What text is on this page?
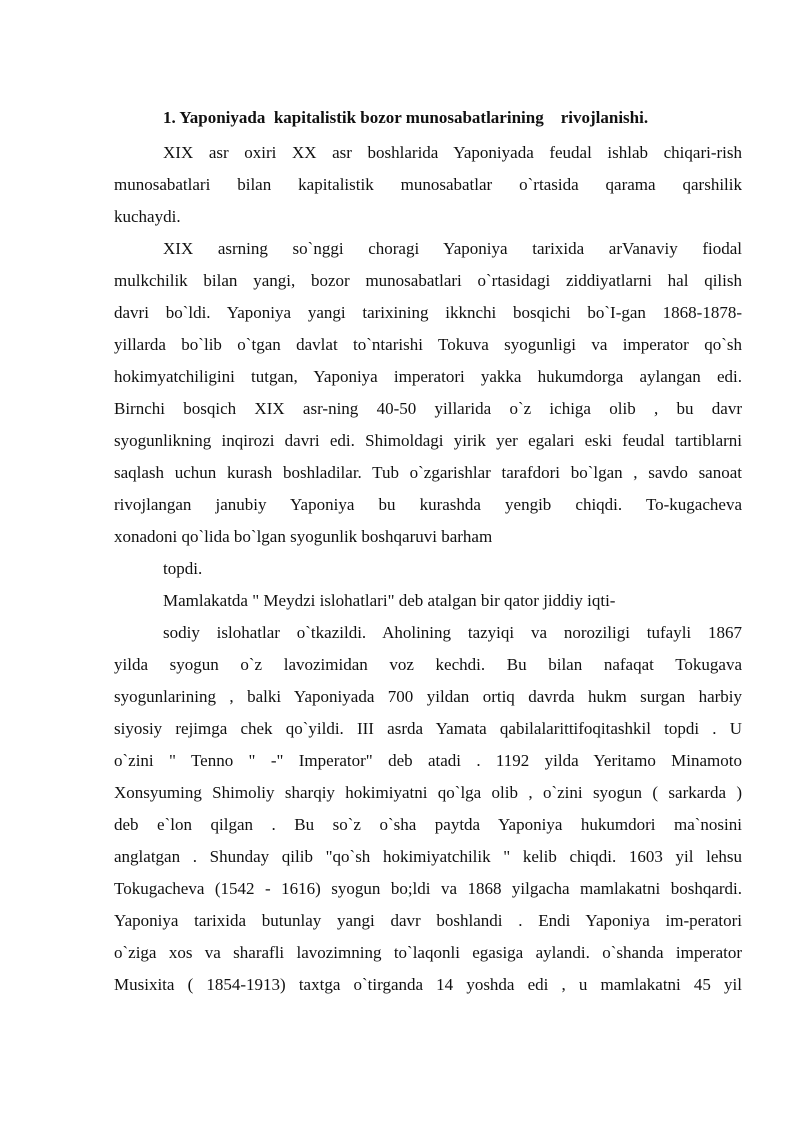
1. Yaponiyada  kapitalistik bozor munosabatlarining    rivojlanishi.
XIX asr oxiri XX asr boshlarida Yaponiyada feudal ishlab chiqari-rish
munosabatlari bilan kapitalistik munosabatlar o`rtasida qarama qarshilik
kuchaydi.
XIX asrning so`nggi choragi Yaponiya tarixida arVanaviy fiodal
mulkchilik bilan yangi, bozor munosabatlari o`rtasidagi ziddiyatlarni hal qilish
davri bo`ldi. Yaponiya yangi tarixining ikknchi bosqichi bo`I-gan 1868-1878-
yillarda bo`lib o`tgan davlat to`ntarishi Tokuva syogunligi va imperator qo`sh
hokimyatchiligini tutgan, Yaponiya imperatori yakka hukumdorga aylangan edi.
Birnchi bosqich XIX asr-ning 40-50 yillarida o`z ichiga olib , bu davr
syogunlikning inqirozi davri edi. Shimoldagi yirik yer egalari eski feudal tartiblarni
saqlash uchun kurash boshladilar. Tub o`zgarishlar tarafdori bo`lgan , savdo sanoat
rivojlangan janubiy Yaponiya bu kurashda yengib chiqdi. To-kugacheva
xonadoni qo`lida bo`lgan syogunlik boshqaruvi barham
topdi.
Mamlakatda " Meydzi islohatlari" deb atalgan bir qator jiddiy iqti-
sodiy islohatlar o`tkazildi. Aholining tazyiqi va noroziligi tufayli 1867
yilda syogun o`z lavozimidan voz kechdi. Bu bilan nafaqat Tokugava
syogunlarining , balki Yaponiyada 700 yildan ortiq davrda hukm surgan harbiy
siyosiy rejimga chek qo`yildi. III asrda Yamata qabilalarittifoqitashkil topdi . U
o`zini " Tenno " -" Imperator" deb atadi . 1192 yilda Yeritamo Minamoto
Xonsyuming Shimoliy sharqiy hokimiyatni qo`lga olib , o`zini syogun ( sarkarda )
deb e`lon qilgan . Bu so`z o`sha paytda Yaponiya hukumdori ma`nosini
anglatgan . Shunday qilib "qo`sh hokimiyatchilik " kelib chiqdi. 1603 yil lehsu
Tokugacheva (1542 - 1616) syogun bo;ldi va 1868 yilgacha mamlakatni boshqardi.
Yaponiya tarixida butunlay yangi davr boshlandi . Endi Yaponiya im-peratori
o`ziga xos va sharafli lavozimning to`laqonli egasiga aylandi. o`shanda imperator
Musixita ( 1854-1913) taxtga o`tirganda 14 yoshda edi , u mamlakatni 45 yil
